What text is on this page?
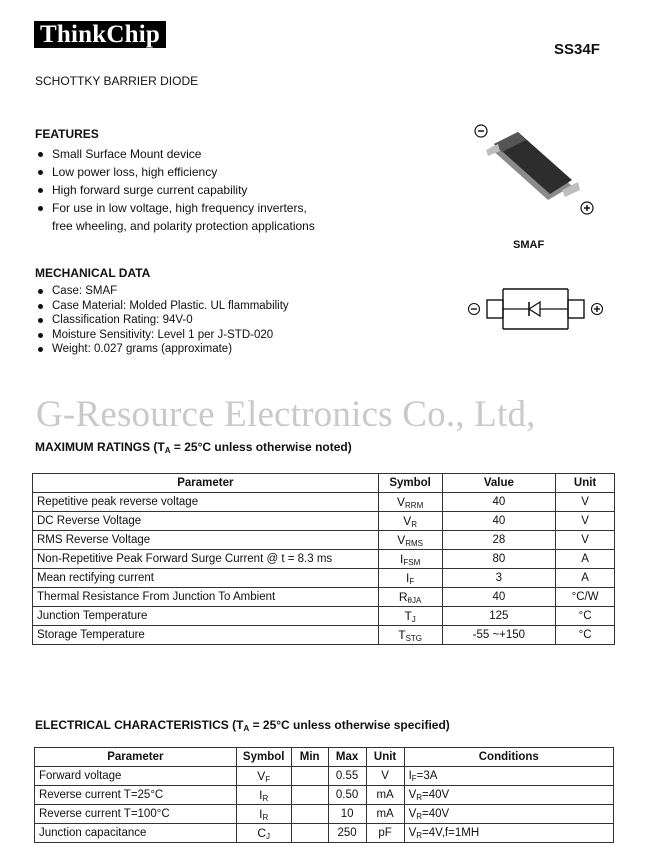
ThinkChip
SS34F
SCHOTTKY BARRIER DIODE
FEATURES
Small Surface Mount device
Low power loss, high efficiency
High forward surge current capability
For use in low voltage, high frequency inverters,
free wheeling, and polarity protection applications
SMAF
MECHANICAL DATA
Case: SMAF
Case Material: Molded Plastic. UL flammability
Classification Rating: 94V-0
Moisture Sensitivity: Level 1 per J-STD-020
Weight: 0.027 grams (approximate)
G-Resource Electronics Co., Ltd,
MAXIMUM RATINGS ($T_A = 25^\circ C$ unless otherwise noted)
Parameter	Symbol	Value	Unit
Repetitive peak reverse voltage	$V_{RRM}$	40	V
DC Reverse Voltage	$V_R$	40	V
RMS Reverse Voltage	$V_{RMS}$	28	V
Non-Repetitive Peak Forward Surge Current @ t = 8.3 ms	$I_{FSM}$	80	A
Mean rectifying current	$I_F$	3	A
Thermal Resistance From Junction To Ambient	$R_{\theta JA}$	40	°C/W
Junction Temperature	$T_J$	125	°C
Storage Temperature	$T_{STG}$	-55 ~+150	°C
ELECTRICAL CHARACTERISTICS ($T_A = 25^\circ C$ unless otherwise specified)
Parameter	Symbol	Min	Max	Unit	Conditions
Forward voltage	$V_F$		0.55	V	$I_F=3A$
Reverse current T=25°C	$I_R$		0.50	mA	$V_R=40V$
Reverse current T=100°C	$I_R$		10	mA	$V_R=40V$
Junction capacitance	$C_J$		250	pF	$V_R=4V,f=1MH$
